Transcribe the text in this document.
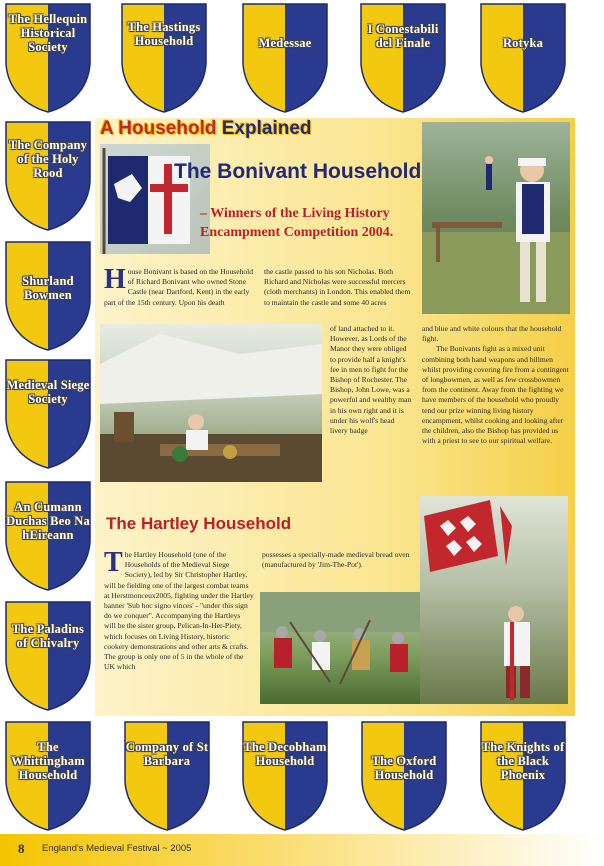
The Hellequin Historical Society
The Hastings Household	Medessae
I Conestabili del Finale	Rotyka
The Company of the Holy Rood
Shurland Bowmen
Medieval Siege Society
An Cumann Duchas Beo Na hEireann
The Paladins of Chivalry
The Whittingham Household
Company of St Barbara
The Decobham Household	The Oxford Household
The Knights of the Black Phoenix
A Household Explained
The Bonivant Household
– Winners of the Living History
Encampment Competition 2004.

House Bonivant is based on the Household of Richard Bonivant who owned Stone Castle (near Dartford, Kent) in the early part of the 15th century. Upon his death

the castle passed to his son Nicholas. Both Richard and Nicholas were successful mercers (cloth merchants) in London. This enabled them to maintain the castle and some 40 acres

of land attached to it. However, as Lords of the Manor they were obliged to provide half a knight's fee in men to fight for the Bishop of Rochester. The Bishop, John Lowe, was a powerful and wealthy man in his own right and it is under his wolf's head livery badge

and blue and white colours that the household fight.

The Bonivants fight as a mixed unit combining both hand weapons and billmen whilst providing covering fire from a contingent of longbowmen, as well as few crossbowmen from the continent. Away from the fighting we have members of the household who proudly tend our prize winning living history encampment, whilst cooking and looking after the children, also the Bishop has provided us with a priest to see to our spiritual welfare.

The Hartley Household

The Hartley Household (one of the Households of the Medieval Siege Society), led by Sir Christopher Hartley, will be fielding one of the largest combat teams at Herstmonceux2005, fighting under the Hartley banner 'Sub hoc signo vinces' - "under this sign do we conquer". Accompanying the Hartleys will be the sister group, Pelican-In-Her-Piety, which focuses on Living History, historic cookery demonstrations and other arts & crafts. The group is only one of 5 in the whole of the UK which

possesses a specially-made medieval bread oven (manufactured by 'Jim-The-Pot').

8 England's Medieval Festival ~ 2005
